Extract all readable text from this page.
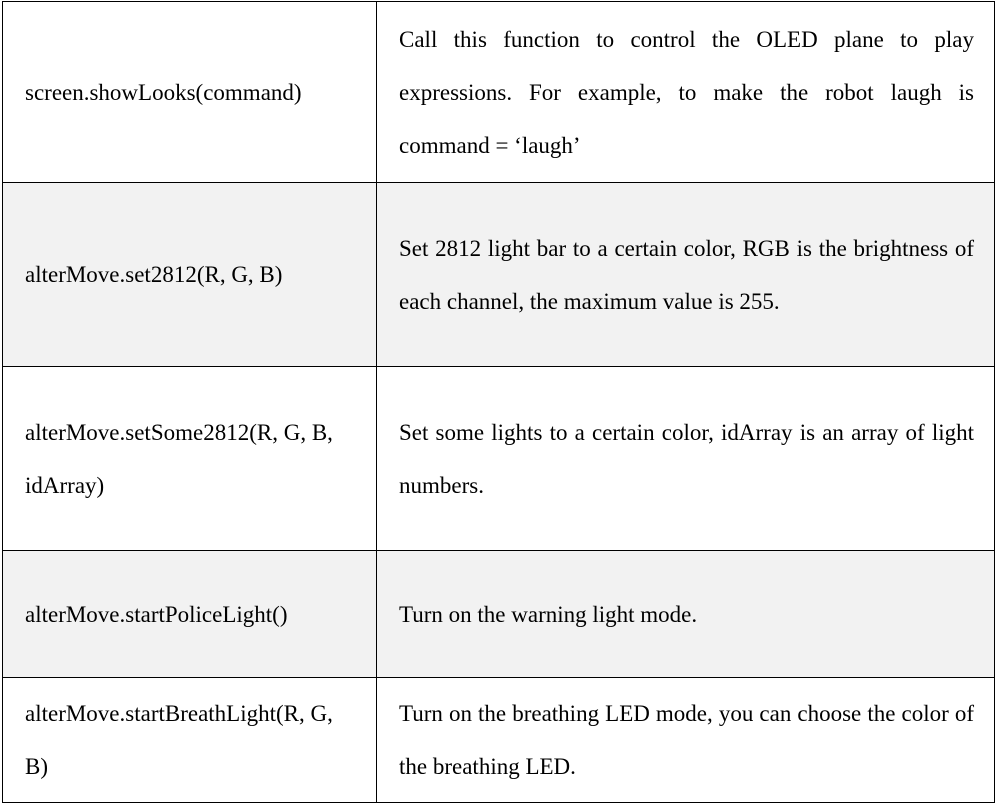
screen.showLooks(command)	Call this function to control the OLED plane to play expressions. For example, to make the robot laugh is command = ‘laugh’
alterMove.set2812(R, G, B)	Set 2812 light bar to a certain color, RGB is the brightness of each channel, the maximum value is 255.
alterMove.setSome2812(R, G, B, idArray)	Set some lights to a certain color, idArray is an array of light numbers.
alterMove.startPoliceLight()	Turn on the warning light mode.
alterMove.startBreathLight(R, G, B)	Turn on the breathing LED mode, you can choose the color of the breathing LED.
